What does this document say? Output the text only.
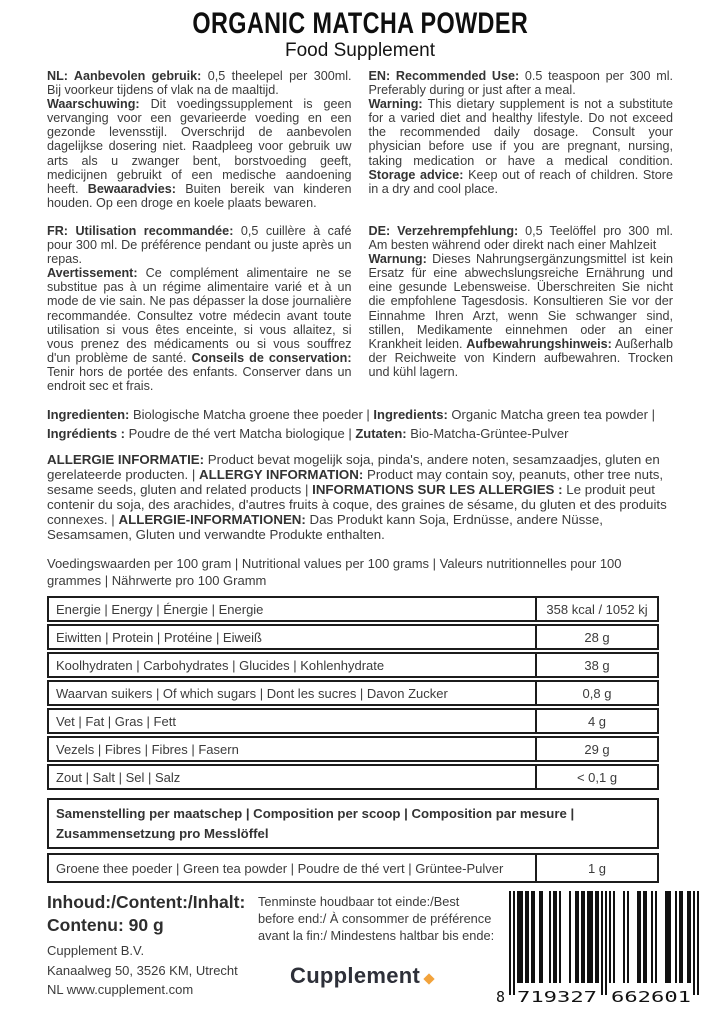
ORGANIC MATCHA POWDER
Food Supplement

NL: Aanbevolen gebruik: 0,5 theelepel per 300ml. Bij voorkeur tijdens of vlak na de maaltijd.

Waarschuwing: Dit voedingssupplement is geen vervanging voor een gevarieerde voeding en een gezonde levensstijl. Overschrijd de aanbevolen dagelijkse dosering niet. Raadpleeg voor gebruik uw arts als u zwanger bent, borstvoeding geeft, medicijnen gebruikt of een medische aandoening heeft. Bewaaradvies: Buiten bereik van kinderen houden. Op een droge en koele plaats bewaren.

EN: Recommended Use: 0.5 teaspoon per 300 ml. Preferably during or just after a meal.

Warning: This dietary supplement is not a substitute for a varied diet and healthy lifestyle. Do not exceed the recommended daily dosage. Consult your physician before use if you are pregnant, nursing, taking medication or have a medical condition. Storage advice: Keep out of reach of children. Store in a dry and cool place.

FR: Utilisation recommandée: 0,5 cuillère à café pour 300 ml. De préférence pendant ou juste après un repas.

Avertissement: Ce complément alimentaire ne se substitue pas à un régime alimentaire varié et à un mode de vie sain. Ne pas dépasser la dose journalière recommandée. Consultez votre médecin avant toute utilisation si vous êtes enceinte, si vous allaitez, si vous prenez des médicaments ou si vous souffrez d'un problème de santé. Conseils de conservation: Tenir hors de portée des enfants. Conserver dans un endroit sec et frais.

DE: Verzehrempfehlung: 0,5 Teelöffel pro 300 ml. Am besten während oder direkt nach einer Mahlzeit

Warnung: Dieses Nahrungsergänzungsmittel ist kein Ersatz für eine abwechslungsreiche Ernährung und eine gesunde Lebensweise. Überschreiten Sie nicht die empfohlene Tagesdosis. Konsultieren Sie vor der Einnahme Ihren Arzt, wenn Sie schwanger sind, stillen, Medikamente einnehmen oder an einer Krankheit leiden. Aufbewahrungshinweis: Außerhalb der Reichweite von Kindern aufbewahren. Trocken und kühl lagern.

Ingredienten: Biologische Matcha groene thee poeder | Ingredients: Organic Matcha green tea powder | Ingrédients : Poudre de thé vert Matcha biologique | Zutaten: Bio-Matcha-Grüntee-Pulver
ALLERGIE INFORMATIE: Product bevat mogelijk soja, pinda's, andere noten, sesamzaadjes, gluten en gerelateerde producten. | ALLERGY INFORMATION: Product may contain soy, peanuts, other tree nuts, sesame seeds, gluten and related products | INFORMATIONS SUR LES ALLERGIES : Le produit peut contenir du soja, des arachides, d'autres fruits à coque, des graines de sésame, du gluten et des produits connexes. | ALLERGIE-INFORMATIONEN: Das Produkt kann Soja, Erdnüsse, andere Nüsse, Sesamsamen, Gluten und verwandte Produkte enthalten.
Voedingswaarden per 100 gram | Nutritional values per 100 grams | Valeurs nutritionnelles pour 100 grammes | Nährwerte pro 100 Gramm
Energie | Energy | Énergie | Energie	358 kcal / 1052 kj
Eiwitten | Protein | Protéine | Eiweiß	28 g
Koolhydraten | Carbohydrates | Glucides | Kohlenhydrate	38 g
Waarvan suikers | Of which sugars | Dont les sucres | Davon Zucker	0,8 g
Vet | Fat | Gras | Fett	4 g
Vezels | Fibres | Fibres | Fasern	29 g
Zout | Salt | Sel | Salz	< 0,1 g
Samenstelling per maatschep | Composition per scoop | Composition par mesure | Zusammensetzung pro Messlöffel
Groene thee poeder | Green tea powder | Poudre de thé vert | Grüntee-Pulver	1 g
Inhoud:/Content:/Inhalt:
Contenu: 90 g
Cupplement B.V.
Kanaalweg 50, 3526 KM, Utrecht
NL www.cupplement.com
Tenminste houdbaar tot einde:/Best before end:/ À consommer de préférence avant la fin:/ Mindestens haltbar bis ende:
Cupplement
8 719327 662601
